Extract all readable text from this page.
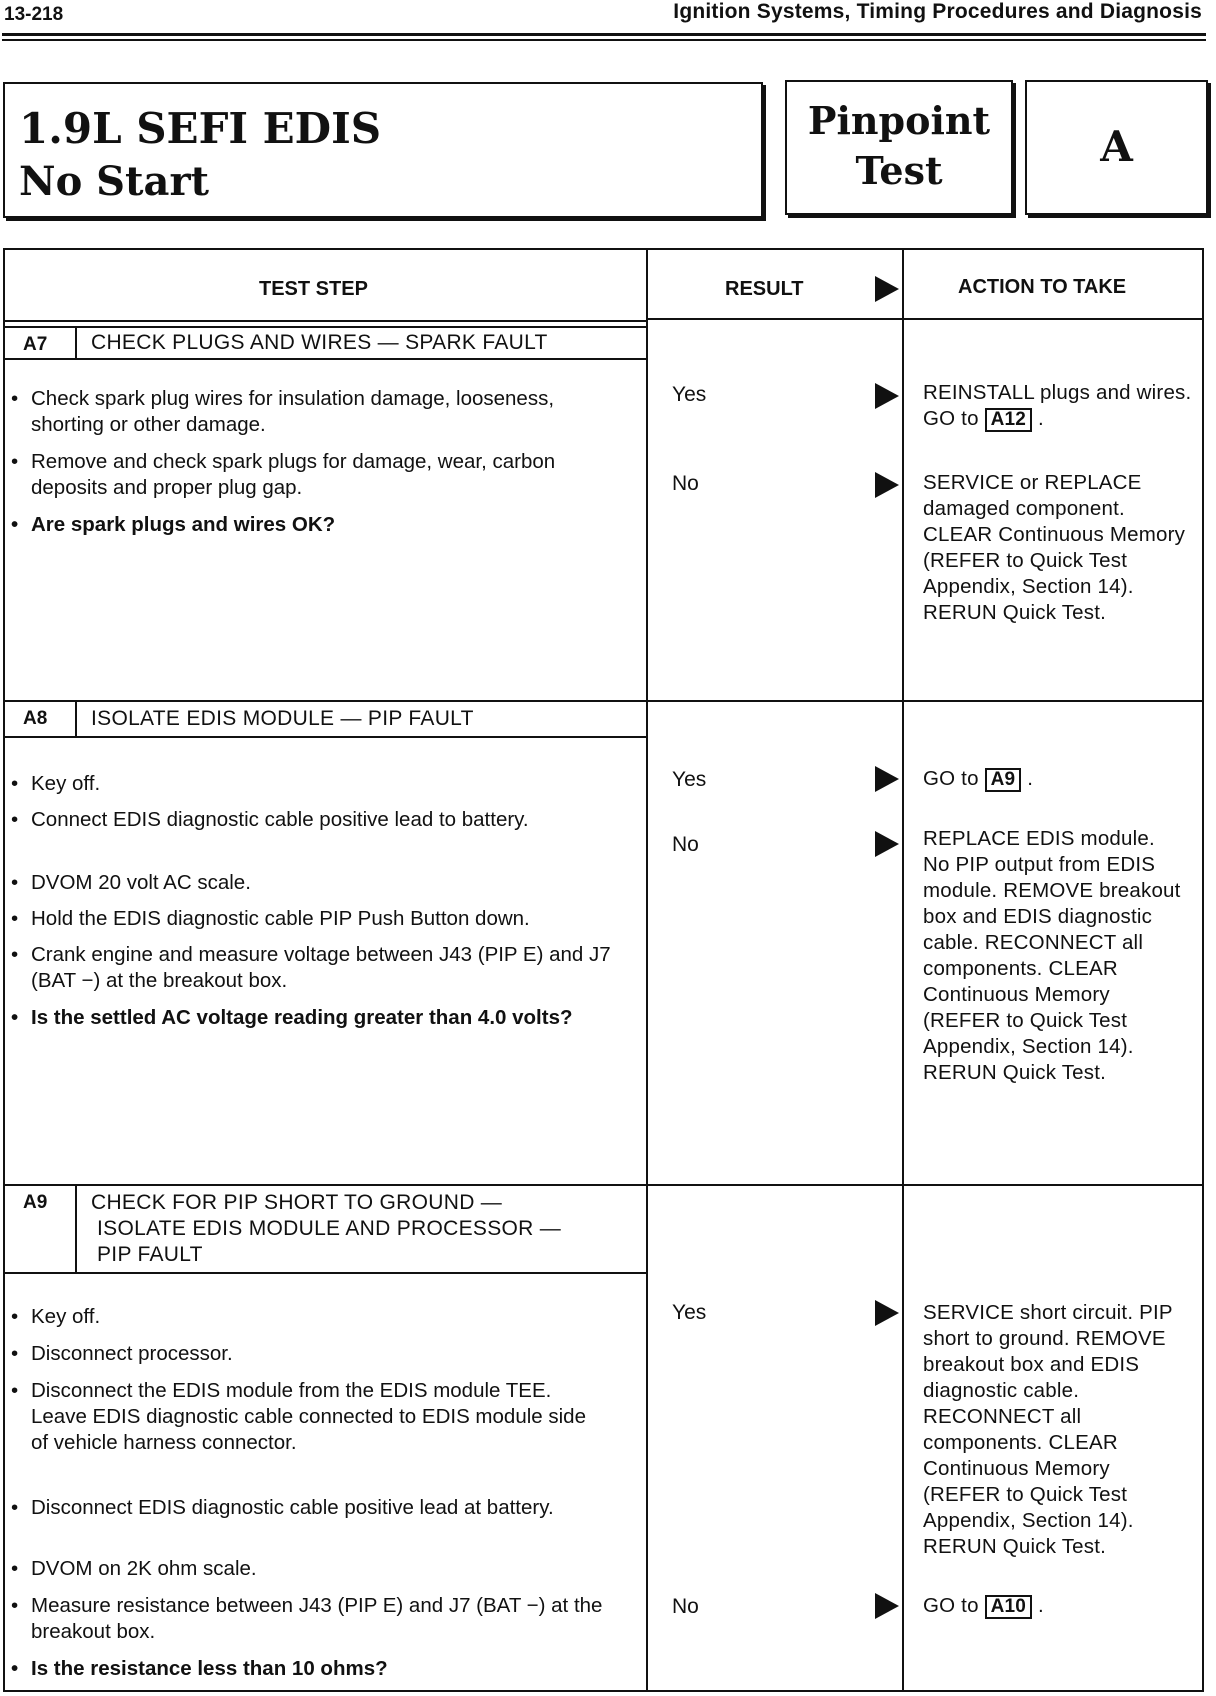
13-218	Ignition Systems, Timing Procedures and Diagnosis
1.9L SEFI EDIS
No Start
Pinpoint
Test	A
TEST STEP	RESULT	ACTION TO TAKE
A7	CHECK PLUGS AND WIRES — SPARK FAULT
• Check spark plug wires for insulation damage, looseness, shorting or other damage.
• Remove and check spark plugs for damage, wear, carbon deposits and proper plug gap.
• Are spark plugs and wires OK?
Yes	REINSTALL plugs and wires. GO to A12 .
No	SERVICE or REPLACE damaged component. CLEAR Continuous Memory (REFER to Quick Test Appendix, Section 14). RERUN Quick Test.
A8	ISOLATE EDIS MODULE — PIP FAULT
• Key off.
• Connect EDIS diagnostic cable positive lead to battery.
• DVOM 20 volt AC scale.
• Hold the EDIS diagnostic cable PIP Push Button down.
• Crank engine and measure voltage between J43 (PIP E) and J7 (BAT −) at the breakout box.
• Is the settled AC voltage reading greater than 4.0 volts?
Yes	GO to A9 .
No	REPLACE EDIS module. No PIP output from EDIS module. REMOVE breakout box and EDIS diagnostic cable. RECONNECT all components. CLEAR Continuous Memory (REFER to Quick Test Appendix, Section 14). RERUN Quick Test.
A9	CHECK FOR PIP SHORT TO GROUND —
ISOLATE EDIS MODULE AND PROCESSOR —
PIP FAULT
• Key off.
• Disconnect processor.
• Disconnect the EDIS module from the EDIS module TEE. Leave EDIS diagnostic cable connected to EDIS module side of vehicle harness connector.
• Disconnect EDIS diagnostic cable positive lead at battery.
• DVOM on 2K ohm scale.
• Measure resistance between J43 (PIP E) and J7 (BAT −) at the breakout box.
• Is the resistance less than 10 ohms?
Yes	SERVICE short circuit. PIP short to ground. REMOVE breakout box and EDIS diagnostic cable. RECONNECT all components. CLEAR Continuous Memory (REFER to Quick Test Appendix, Section 14). RERUN Quick Test.
No	GO to A10 .
